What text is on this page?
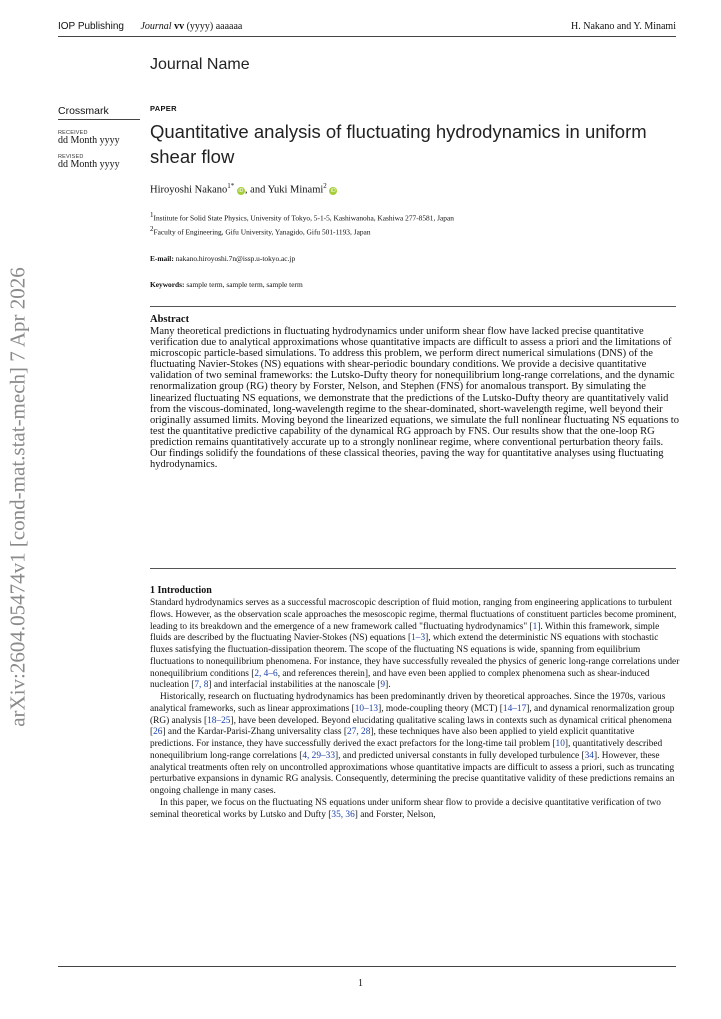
IOP Publishing Journal vv (yyyy) aaaaaa	H. Nakano and Y. Minami
Journal Name
Crossmark
RECEIVED
dd Month yyyy
REVISED
dd Month yyyy
arXiv:2604.05474v1 [cond-mat.stat-mech] 7 Apr 2026
PAPER
Quantitative analysis of fluctuating hydrodynamics in uniform shear flow
Hiroyoshi Nakano$^{1*}$ iD , and Yuki Minami$^2$ iD
$^1$Institute for Solid State Physics, University of Tokyo, 5-1-5, Kashiwanoha, Kashiwa 277-8581, Japan
$^2$Faculty of Engineering, Gifu University, Yanagido, Gifu 501-1193, Japan
E-mail: nakano.hiroyoshi.7n@issp.u-tokyo.ac.jp
Keywords: sample term, sample term, sample term
Abstract
Many theoretical predictions in fluctuating hydrodynamics under uniform shear flow have lacked precise quantitative verification due to analytical approximations whose quantitative impacts are difficult to assess a priori and the limitations of microscopic particle-based simulations. To address this problem, we perform direct numerical simulations (DNS) of the fluctuating Navier-Stokes (NS) equations with shear-periodic boundary conditions. We provide a decisive quantitative validation of two seminal frameworks: the Lutsko-Dufty theory for nonequilibrium long-range correlations, and the dynamic renormalization group (RG) theory by Forster, Nelson, and Stephen (FNS) for anomalous transport. By simulating the linearized fluctuating NS equations, we demonstrate that the predictions of the Lutsko-Dufty theory are quantitatively valid from the viscous-dominated, long-wavelength regime to the shear-dominated, short-wavelength regime, well beyond their originally assumed limits. Moving beyond the linearized equations, we simulate the full nonlinear fluctuating NS equations to test the quantitative predictive capability of the dynamical RG approach by FNS. Our results show that the one-loop RG prediction remains quantitatively accurate up to a strongly nonlinear regime, where conventional perturbation theory fails. Our findings solidify the foundations of these classical theories, paving the way for quantitative analyses using fluctuating hydrodynamics.
1 Introduction

Standard hydrodynamics serves as a successful macroscopic description of fluid motion, ranging from engineering applications to turbulent flows. However, as the observation scale approaches the mesoscopic regime, thermal fluctuations of constituent particles become prominent, leading to its breakdown and the emergence of a new framework called "fluctuating hydrodynamics" [1]. Within this framework, simple fluids are described by the fluctuating Navier-Stokes (NS) equations [1–3], which extend the deterministic NS equations with stochastic fluxes satisfying the fluctuation-dissipation theorem. The scope of the fluctuating NS equations is wide, spanning from equilibrium fluctuations to nonequilibrium phenomena. For instance, they have successfully revealed the physics of generic long-range correlations under nonequilibrium conditions [2, 4–6, and references therein], and have even been applied to complex phenomena such as shear-induced nucleation [7, 8] and interfacial instabilities at the nanoscale [9].

Historically, research on fluctuating hydrodynamics has been predominantly driven by theoretical approaches. Since the 1970s, various analytical frameworks, such as linear approximations [10–13], mode-coupling theory (MCT) [14–17], and dynamical renormalization group (RG) analysis [18–25], have been developed. Beyond elucidating qualitative scaling laws in contexts such as dynamical critical phenomena [26] and the Kardar-Parisi-Zhang universality class [27, 28], these techniques have also been applied to yield explicit quantitative predictions. For instance, they have successfully derived the exact prefactors for the long-time tail problem [10], quantitatively described nonequilibrium long-range correlations [4, 29–33], and predicted universal constants in fully developed turbulence [34]. However, these analytical treatments often rely on uncontrolled approximations whose quantitative impacts are difficult to assess a priori, such as truncating perturbative expansions in dynamic RG analysis. Consequently, determining the precise quantitative validity of these predictions remains an ongoing challenge in many cases.

In this paper, we focus on the fluctuating NS equations under uniform shear flow to provide a decisive quantitative verification of two seminal theoretical works by Lutsko and Dufty [35, 36] and Forster, Nelson,

1
